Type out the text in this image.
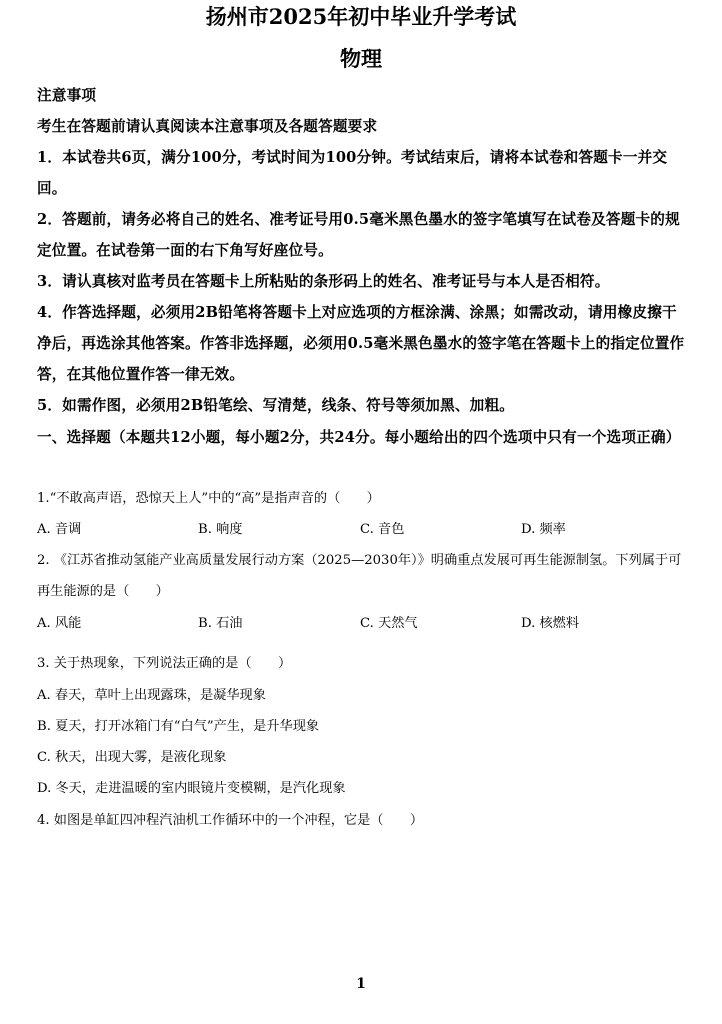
扬州市2025年初中毕业升学考试
物理

注意事项

考生在答题前请认真阅读本注意事项及各题答题要求

1．本试卷共6页，满分100分，考试时间为100分钟。考试结束后，请将本试卷和答题卡一并交回。

2．答题前，请务必将自己的姓名、准考证号用0.5毫米黑色墨水的签字笔填写在试卷及答题卡的规定位置。在试卷第一面的右下角写好座位号。

3．请认真核对监考员在答题卡上所粘贴的条形码上的姓名、准考证号与本人是否相符。

4．作答选择题，必须用2B铅笔将答题卡上对应选项的方框涂满、涂黑；如需改动，请用橡皮擦干净后，再选涂其他答案。作答非选择题，必须用0.5毫米黑色墨水的签字笔在答题卡上的指定位置作答，在其他位置作答一律无效。

5．如需作图，必须用2B铅笔绘、写清楚，线条、符号等须加黑、加粗。

一、选择题（本题共12小题，每小题2分，共24分。每小题给出的四个选项中只有一个选项正确）

1.“不敢高声语，恐惊天上人”中的“高”是指声音的（　　）

A. 音调	B. 响度	C. 音色	D. 频率

2. 《江苏省推动氢能产业高质量发展行动方案（2025—2030年）》明确重点发展可再生能源制氢。下列属于可再生能源的是（　　）

A. 风能	B. 石油	C. 天然气	D. 核燃料

3. 关于热现象，下列说法正确的是（　　）

A. 春天，草叶上出现露珠，是凝华现象

B. 夏天，打开冰箱门有“白气”产生，是升华现象

C. 秋天，出现大雾，是液化现象

D. 冬天，走进温暖的室内眼镜片变模糊，是汽化现象

4. 如图是单缸四冲程汽油机工作循环中的一个冲程，它是（　　）

1
